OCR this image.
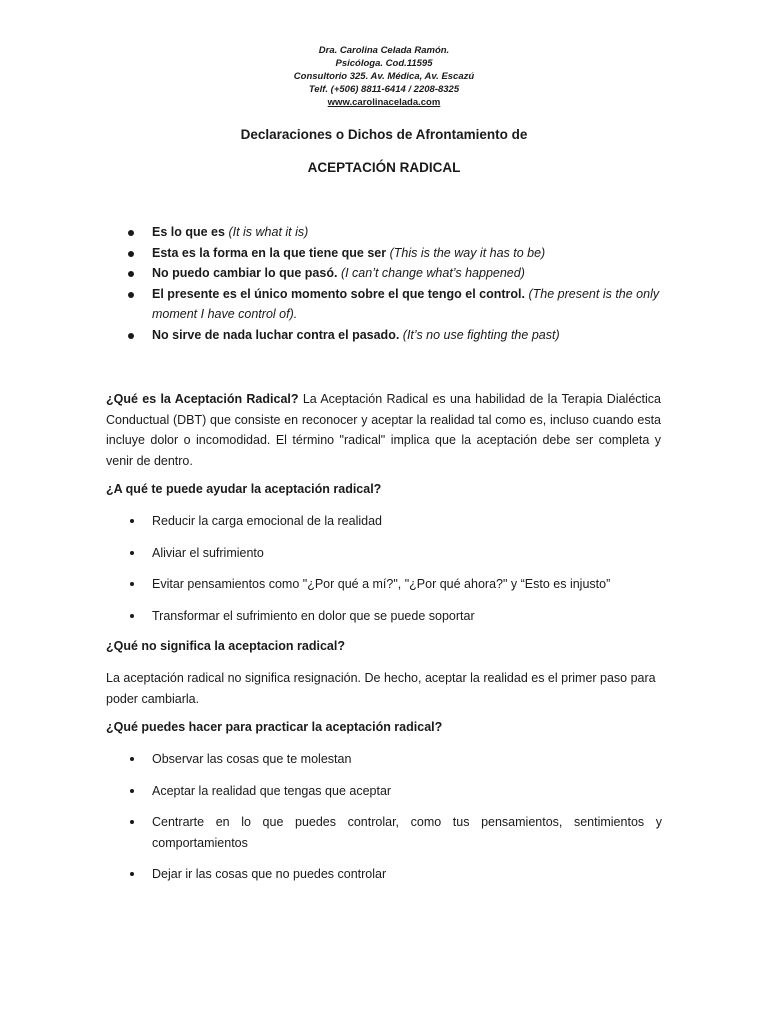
Dra. Carolina Celada Ramón.
Psicóloga. Cod.11595
Consultorio 325. Av. Médica, Av. Escazú
Telf. (+506) 8811-6414 / 2208-8325
www.carolinacelada.com
Declaraciones o Dichos de Afrontamiento de
ACEPTACIÓN RADICAL
Es lo que es (It is what it is)
Esta es la forma en la que tiene que ser (This is the way it has to be)
No puedo cambiar lo que pasó. (I can’t change what’s happened)
El presente es el único momento sobre el que tengo el control. (The present is the only moment I have control of).
No sirve de nada luchar contra el pasado. (It’s no use fighting the past)
¿Qué es la Aceptación Radical? La Aceptación Radical es una habilidad de la Terapia Dialéctica Conductual (DBT) que consiste en reconocer y aceptar la realidad tal como es, incluso cuando esta incluye dolor o incomodidad. El término "radical" implica que la aceptación debe ser completa y venir de dentro.
¿A qué te puede ayudar la aceptación radical?
Reducir la carga emocional de la realidad
Aliviar el sufrimiento
Evitar pensamientos como "¿Por qué a mí?", "¿Por qué ahora?" y “Esto es injusto”
Transformar el sufrimiento en dolor que se puede soportar
¿Qué no significa la aceptacion radical?
La aceptación radical no significa resignación. De hecho, aceptar la realidad es el primer paso para poder cambiarla.
¿Qué puedes hacer para practicar la aceptación radical?
Observar las cosas que te molestan
Aceptar la realidad que tengas que aceptar
Centrarte en lo que puedes controlar, como tus pensamientos, sentimientos y comportamientos
Dejar ir las cosas que no puedes controlar
